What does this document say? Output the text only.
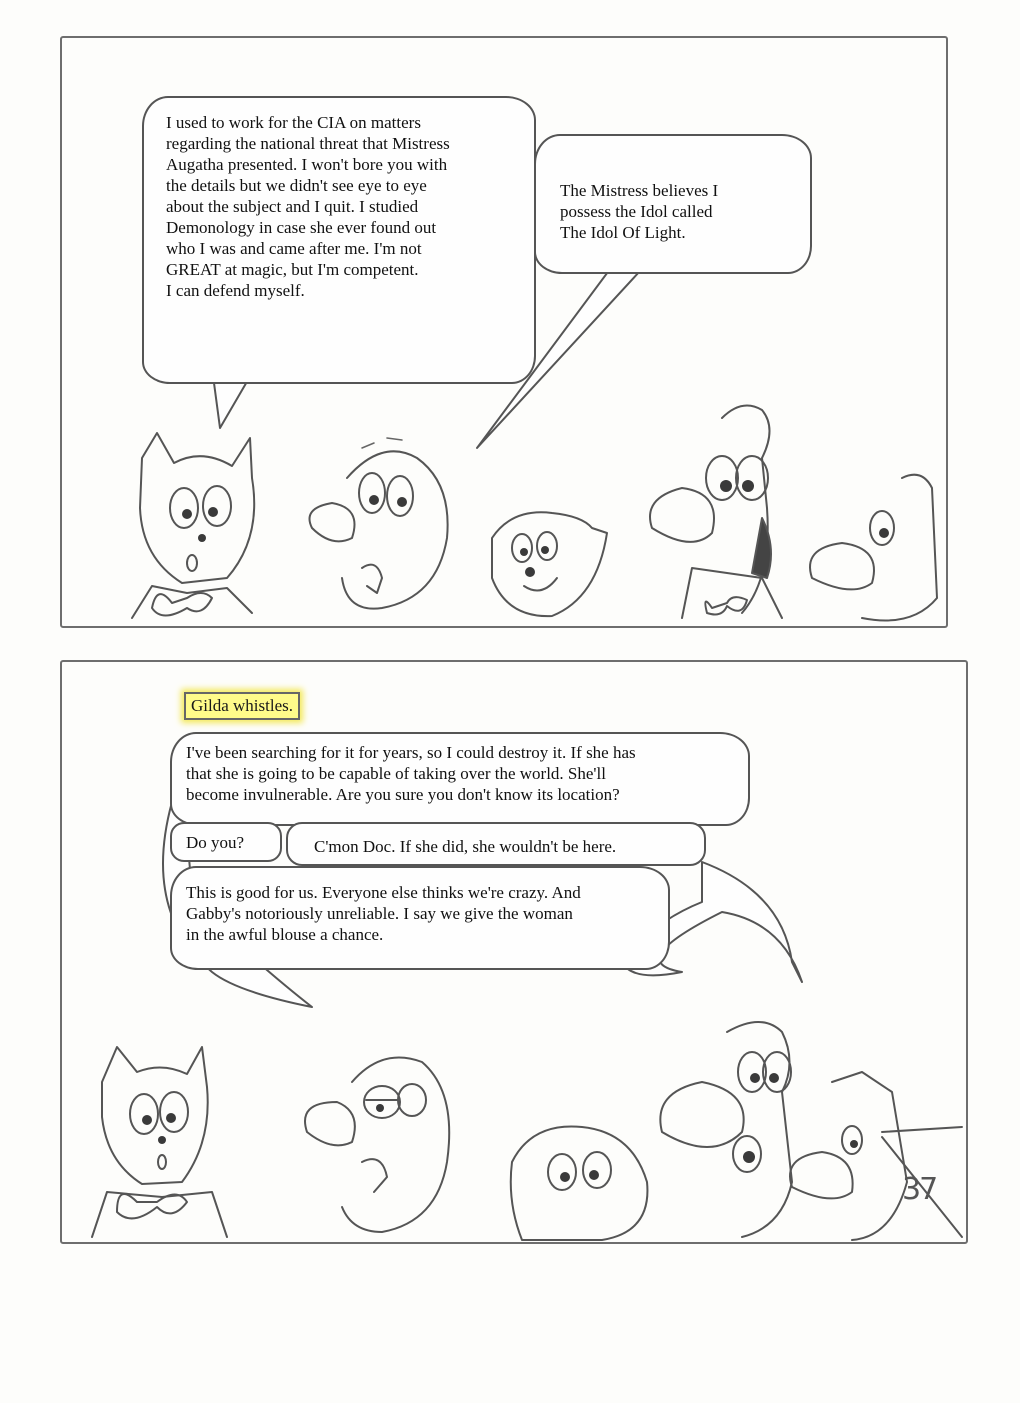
I used to work for the CIA on matters
regarding the national threat that Mistress
Augatha presented. I won't bore you with
the details but we didn't see eye to eye
about the subject and I quit. I studied
Demonology in case she ever found out
who I was and came after me. I'm not
GREAT at magic, but I'm competent.
I can defend myself.
The Mistress believes I
possess the Idol called
The Idol Of Light.
Gilda whistles.
I've been searching for it for years, so I could destroy it. If she has
that she is going to be capable of taking over the world. She'll
become invulnerable. Are you sure you don't know its location?
Do you?	C'mon Doc. If she did, she wouldn't be here.
This is good for us. Everyone else thinks we're crazy. And
Gabby's notoriously unreliable. I say we give the woman
in the awful blouse a chance.
37
